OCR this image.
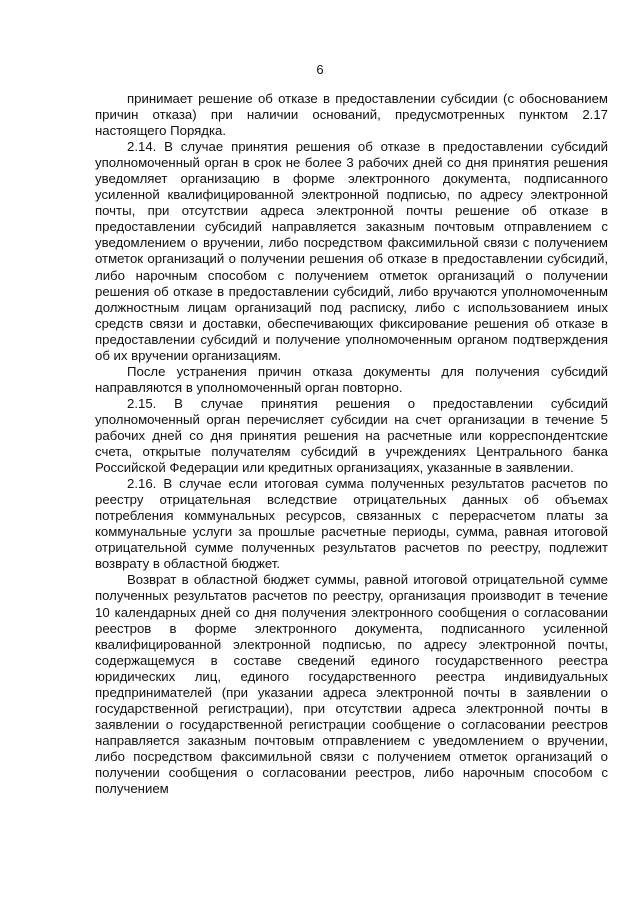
6

принимает решение об отказе в предоставлении субсидии (с обоснованием причин отказа) при наличии оснований, предусмотренных пунктом 2.17 настоящего Порядка.

2.14. В случае принятия решения об отказе в предоставлении субсидий уполномоченный орган в срок не более 3 рабочих дней со дня принятия решения уведомляет организацию в форме электронного документа, подписанного усиленной квалифицированной электронной подписью, по адресу электронной почты, при отсутствии адреса электронной почты решение об отказе в предоставлении субсидий направляется заказным почтовым отправлением с уведомлением о вручении, либо посредством факсимильной связи с получением отметок организаций о получении решения об отказе в предоставлении субсидий, либо нарочным способом с получением отметок организаций о получении решения об отказе в предоставлении субсидий, либо вручаются уполномоченным должностным лицам организаций под расписку, либо с использованием иных средств связи и доставки, обеспечивающих фиксирование решения об отказе в предоставлении субсидий и получение уполномоченным органом подтверждения об их вручении организациям.

После устранения причин отказа документы для получения субсидий направляются в уполномоченный орган повторно.

2.15. В случае принятия решения о предоставлении субсидий уполномоченный орган перечисляет субсидии на счет организации в течение 5 рабочих дней со дня принятия решения на расчетные или корреспондентские счета, открытые получателям субсидий в учреждениях Центрального банка Российской Федерации или кредитных организациях, указанные в заявлении.

2.16. В случае если итоговая сумма полученных результатов расчетов по реестру отрицательная вследствие отрицательных данных об объемах потребления коммунальных ресурсов, связанных с перерасчетом платы за коммунальные услуги за прошлые расчетные периоды, сумма, равная итоговой отрицательной сумме полученных результатов расчетов по реестру, подлежит возврату в областной бюджет.

Возврат в областной бюджет суммы, равной итоговой отрицательной сумме полученных результатов расчетов по реестру, организация производит в течение 10 календарных дней со дня получения электронного сообщения о согласовании реестров в форме электронного документа, подписанного усиленной квалифицированной электронной подписью, по адресу электронной почты, содержащемуся в составе сведений единого государственного реестра юридических лиц, единого государственного реестра индивидуальных предпринимателей (при указании адреса электронной почты в заявлении о государственной регистрации), при отсутствии адреса электронной почты в заявлении о государственной регистрации сообщение о согласовании реестров направляется заказным почтовым отправлением с уведомлением о вручении, либо посредством факсимильной связи с получением отметок организаций о получении сообщения о согласовании реестров, либо нарочным способом с получением
